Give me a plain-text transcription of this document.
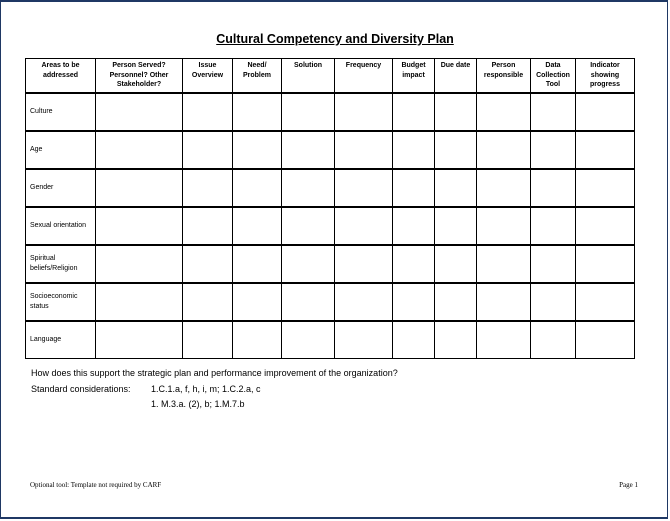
Cultural Competency and Diversity Plan
Areas to be addressed	Person Served? Personnel? Other Stakeholder?	Issue Overview	Need/ Problem	Solution	Frequency	Budget impact	Due date	Person responsible	Data Collection Tool	Indicator showing progress

Culture										

Age										

Gender										

Sexual orientation										

Spiritual beliefs/Religion										

Socioeconomic status										

Language										

How does this support the strategic plan and performance improvement of the organization?
Standard considerations: 1.C.1.a, f, h, i, m; 1.C.2.a, c
1. M.3.a. (2), b; 1.M.7.b
Optional tool: Template not required by CARF	Page 1
